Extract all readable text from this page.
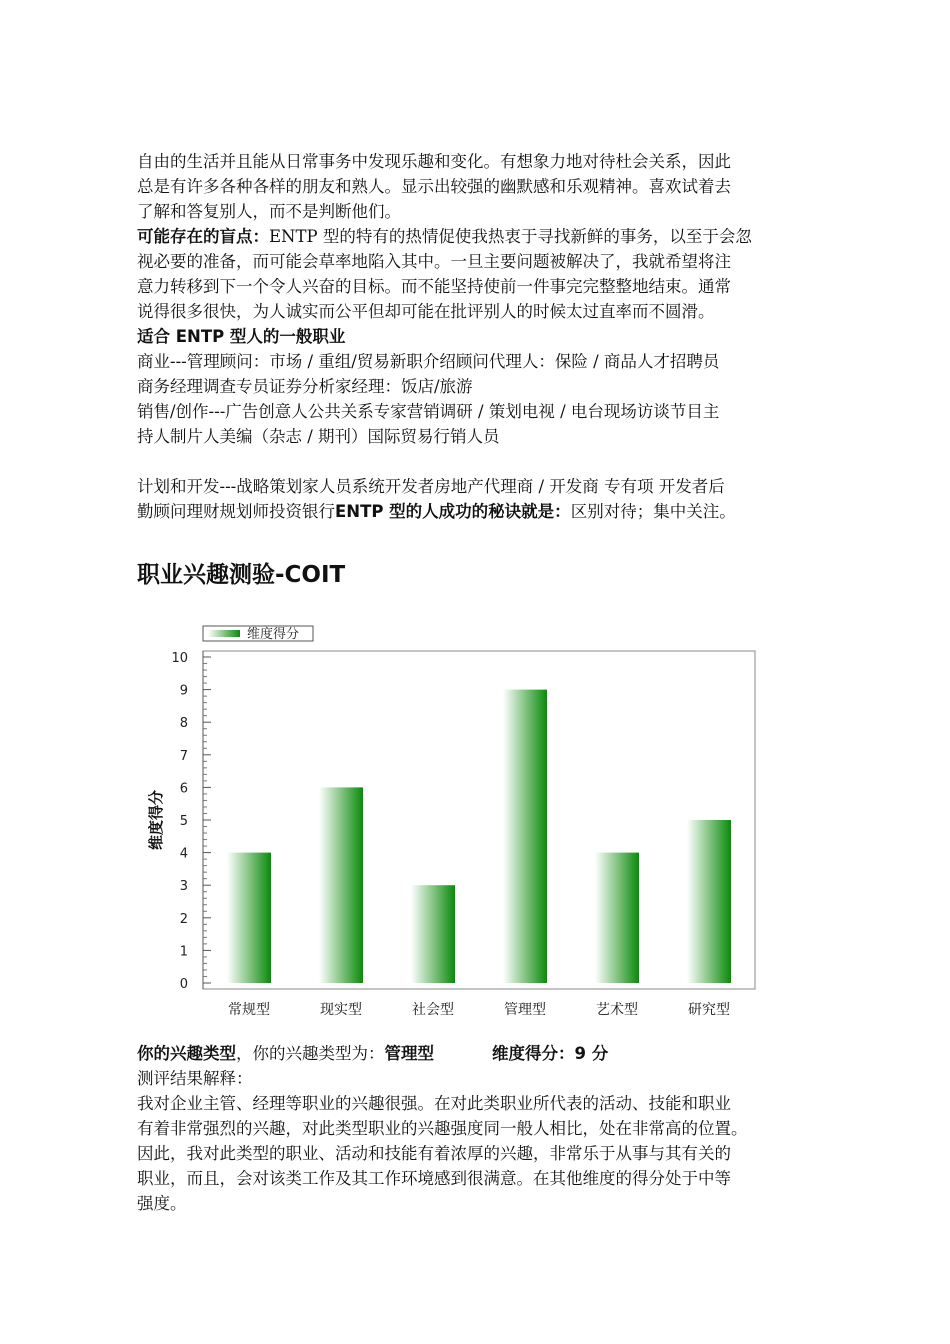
自由的生活并且能从日常事务中发现乐趣和变化。有想象力地对待杜会关系，因此
总是有许多各种各样的朋友和熟人。显示出较强的幽默感和乐观精神。喜欢试着去
了解和答复别人，而不是判断他们。
可能存在的盲点：ENTP 型的特有的热情促使我热衷于寻找新鲜的事务，以至于会忽
视必要的准备，而可能会草率地陷入其中。一旦主要问题被解决了，我就希望将注
意力转移到下一个令人兴奋的目标。而不能坚持使前一件事完完整整地结束。通常
说得很多很快，为人诚实而公平但却可能在批评别人的时候太过直率而不圆滑。
适合 ENTP 型人的一般职业
商业---管理顾问：市场 / 重组/贸易新职介绍顾问代理人：保险 / 商品人才招聘员
商务经理调查专员证券分析家经理：饭店/旅游
销售/创作---广告创意人公共关系专家营销调研 / 策划电视 / 电台现场访谈节目主
持人制片人美编（杂志 / 期刊）国际贸易行销人员
计划和开发---战略策划家人员系统开发者房地产代理商 / 开发商 专有项 开发者后
勤顾问理财规划师投资银行ENTP 型的人成功的秘诀就是：区别对待；集中关注。
职业兴趣测验-COIT
维度得分
0
1
2
3
4
5
6
7
8
9
10
常规型	现实型	社会型	管理型	艺术型	研究型
维度得分
你的兴趣类型，你的兴趣类型为：管理型	维度得分：9 分
测评结果解释：
我对企业主管、经理等职业的兴趣很强。在对此类职业所代表的活动、技能和职业
有着非常强烈的兴趣，对此类型职业的兴趣强度同一般人相比，处在非常高的位置。
因此，我对此类型的职业、活动和技能有着浓厚的兴趣，非常乐于从事与其有关的
职业，而且，会对该类工作及其工作环境感到很满意。在其他维度的得分处于中等
强度。
